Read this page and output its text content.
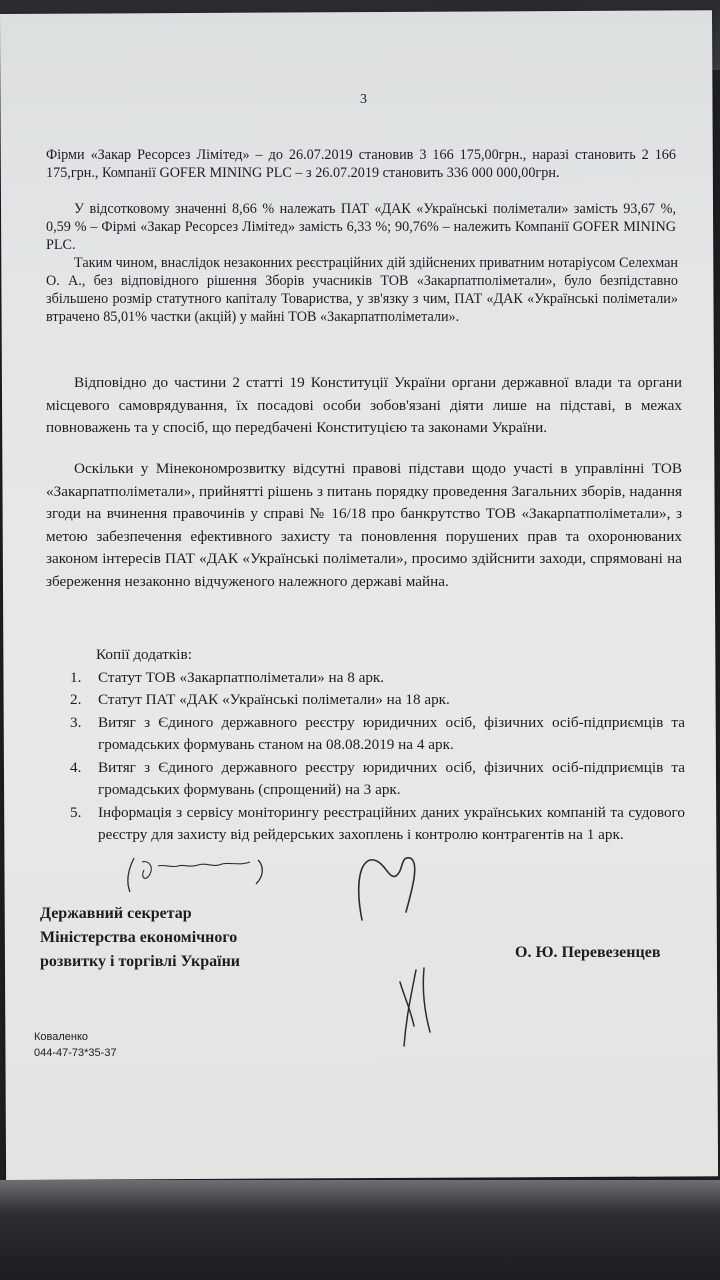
3
Фірми «Закар Ресорсез Лімітед» – до 26.07.2019 становив 3 166 175,00грн., наразі становить 2 166 175,грн., Компанії GOFER MINING PLC – з 26.07.2019 становить 336 000 000,00грн.
У відсотковому значенні 8,66 % належать ПАТ «ДАК «Українські поліметали» замість 93,67 %, 0,59 % – Фірмі «Закар Ресорсез Лімітед» замість 6,33 %; 90,76% – належить Компанії GOFER MINING PLC.
Таким чином, внаслідок незаконних реєстраційних дій здійснених приватним нотаріусом Селехман О. А., без відповідного рішення Зборів учасників ТОВ «Закарпатполіметали», було безпідставно збільшено розмір статутного капіталу Товариства, у зв'язку з чим, ПАТ «ДАК «Українські поліметали» втрачено 85,01% частки (акцій) у майні ТОВ «Закарпатполіметали».
Відповідно до частини 2 статті 19 Конституції України органи державної влади та органи місцевого самоврядування, їх посадові особи зобов'язані діяти лише на підставі, в межах повноважень та у спосіб, що передбачені Конституцією та законами України.
Оскільки у Мінекономрозвитку відсутні правові підстави щодо участі в управлінні ТОВ «Закарпатполіметали», прийнятті рішень з питань порядку проведення Загальних зборів, надання згоди на вчинення правочинів у справі № 16/18 про банкрутство ТОВ «Закарпатполіметали», з метою забезпечення ефективного захисту та поновлення порушених прав та охоронюваних законом інтересів ПАТ «ДАК «Українські поліметали», просимо здійснити заходи, спрямовані на збереження незаконно відчуженого належного державі майна.
Копії додатків:
1. Статут ТОВ «Закарпатполіметали» на 8 арк.
2. Статут ПАТ «ДАК «Українські поліметали» на 18 арк.
3. Витяг з Єдиного державного реєстру юридичних осіб, фізичних осіб-підприємців та громадських формувань станом на 08.08.2019 на 4 арк.
4. Витяг з Єдиного державного реєстру юридичних осіб, фізичних осіб-підприємців та громадських формувань (спрощений) на 3 арк.
5. Інформація з сервісу моніторингу реєстраційних даних українських компаній та судового реєстру для захисту від рейдерських захоплень і контролю контрагентів на 1 арк.
Державний секретар
Міністерства економічного
розвитку і торгівлі України
О. Ю. Перевезенцев
Коваленко
044-47-73*35-37
